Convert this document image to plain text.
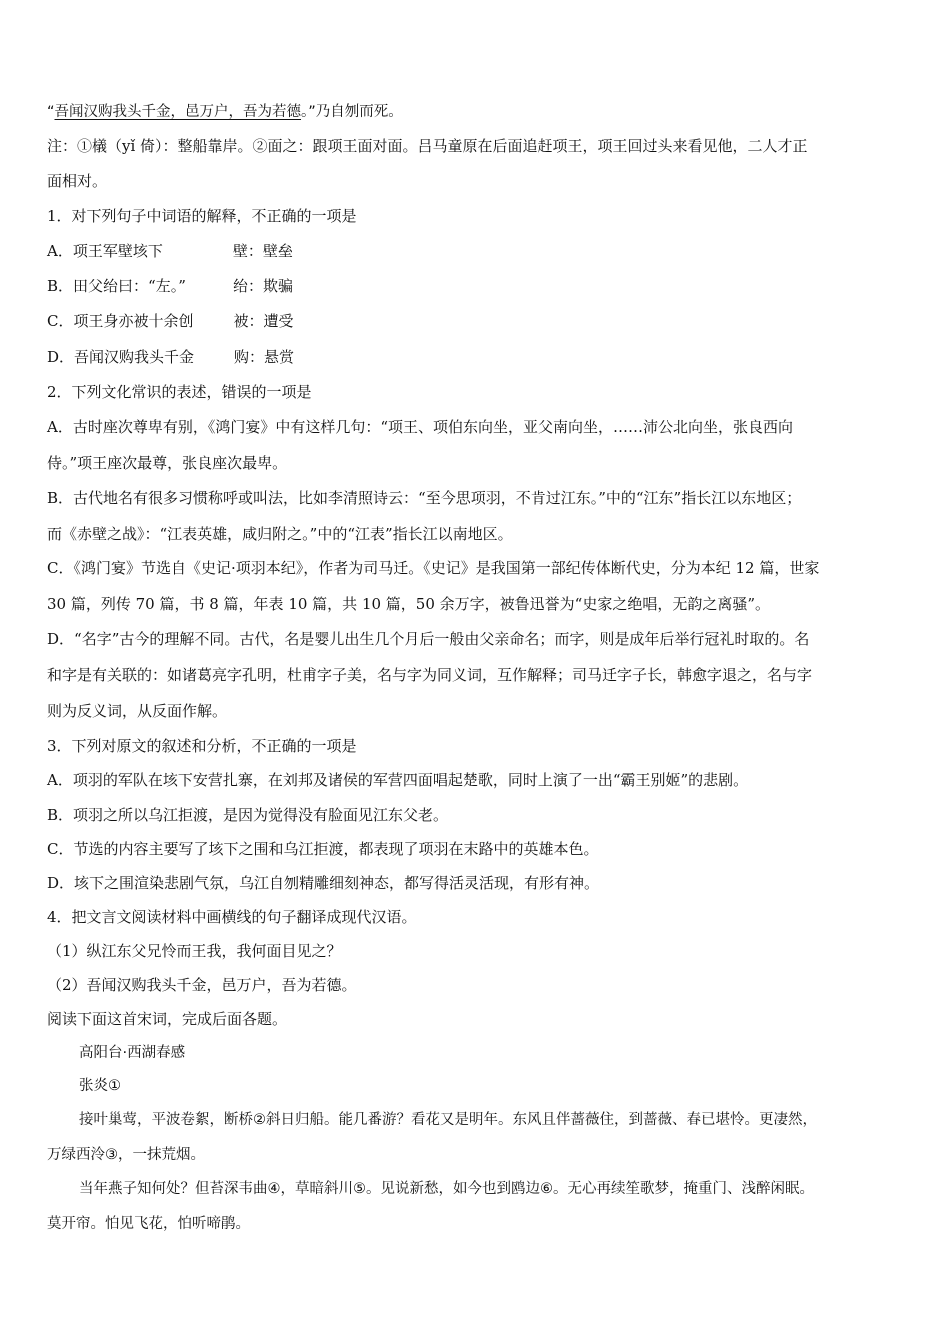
“吾闻汉购我头千金，邑万户，吾为若德。”乃自刎而死。
注：①檥（yǐ 倚）：整船靠岸。②面之：跟项王面对面。吕马童原在后面追赶项王，项王回过头来看见他，二人才正
面相对。
1．对下列句子中词语的解释，不正确的一项是
A．项王军壁垓下	壁：壁垒
B．田父绐曰：“左。”	绐：欺骗
C．项王身亦被十余创	被：遭受
D．吾闻汉购我头千金	购：悬赏
2．下列文化常识的表述，错误的一项是
A．古时座次尊卑有别，《鸿门宴》中有这样几句：“项王、项伯东向坐，亚父南向坐，……沛公北向坐，张良西向
侍。”项王座次最尊，张良座次最卑。
B．古代地名有很多习惯称呼或叫法，比如李清照诗云：“至今思项羽，不肯过江东。”中的“江东”指长江以东地区；
而《赤壁之战》：“江表英雄，咸归附之。”中的“江表”指长江以南地区。
C．《鸿门宴》节选自《史记·项羽本纪》，作者为司马迁。《史记》是我国第一部纪传体断代史，分为本纪 12 篇，世家
30 篇，列传 70 篇，书 8 篇，年表 10 篇，共 10 篇，50 余万字，被鲁迅誉为“史家之绝唱，无韵之离骚”。
D．“名字”古今的理解不同。古代，名是婴儿出生几个月后一般由父亲命名；而字，则是成年后举行冠礼时取的。名
和字是有关联的：如诸葛亮字孔明，杜甫字子美，名与字为同义词，互作解释；司马迁字子长，韩愈字退之，名与字
则为反义词，从反面作解。
3．下列对原文的叙述和分析，不正确的一项是
A．项羽的军队在垓下安营扎寨，在刘邦及诸侯的军营四面唱起楚歌，同时上演了一出“霸王别姬”的悲剧。
B．项羽之所以乌江拒渡，是因为觉得没有脸面见江东父老。
C．节选的内容主要写了垓下之围和乌江拒渡，都表现了项羽在末路中的英雄本色。
D．垓下之围渲染悲剧气氛，乌江自刎精雕细刻神态，都写得活灵活现，有形有神。
4．把文言文阅读材料中画横线的句子翻译成现代汉语。
（1）纵江东父兄怜而王我，我何面目见之？
（2）吾闻汉购我头千金，邑万户，吾为若德。
阅读下面这首宋词，完成后面各题。
高阳台·西湖春感
张炎①
接叶巢莺，平波卷絮，断桥②斜日归船。能几番游？看花又是明年。东风且伴蔷薇住，到蔷薇、春已堪怜。更凄然，
万绿西泠③，一抹荒烟。
当年燕子知何处？但苔深韦曲④，草暗斜川⑤。见说新愁，如今也到鸥边⑥。无心再续笙歌梦，掩重门、浅醉闲眠。
莫开帘。怕见飞花，怕听啼鹃。
